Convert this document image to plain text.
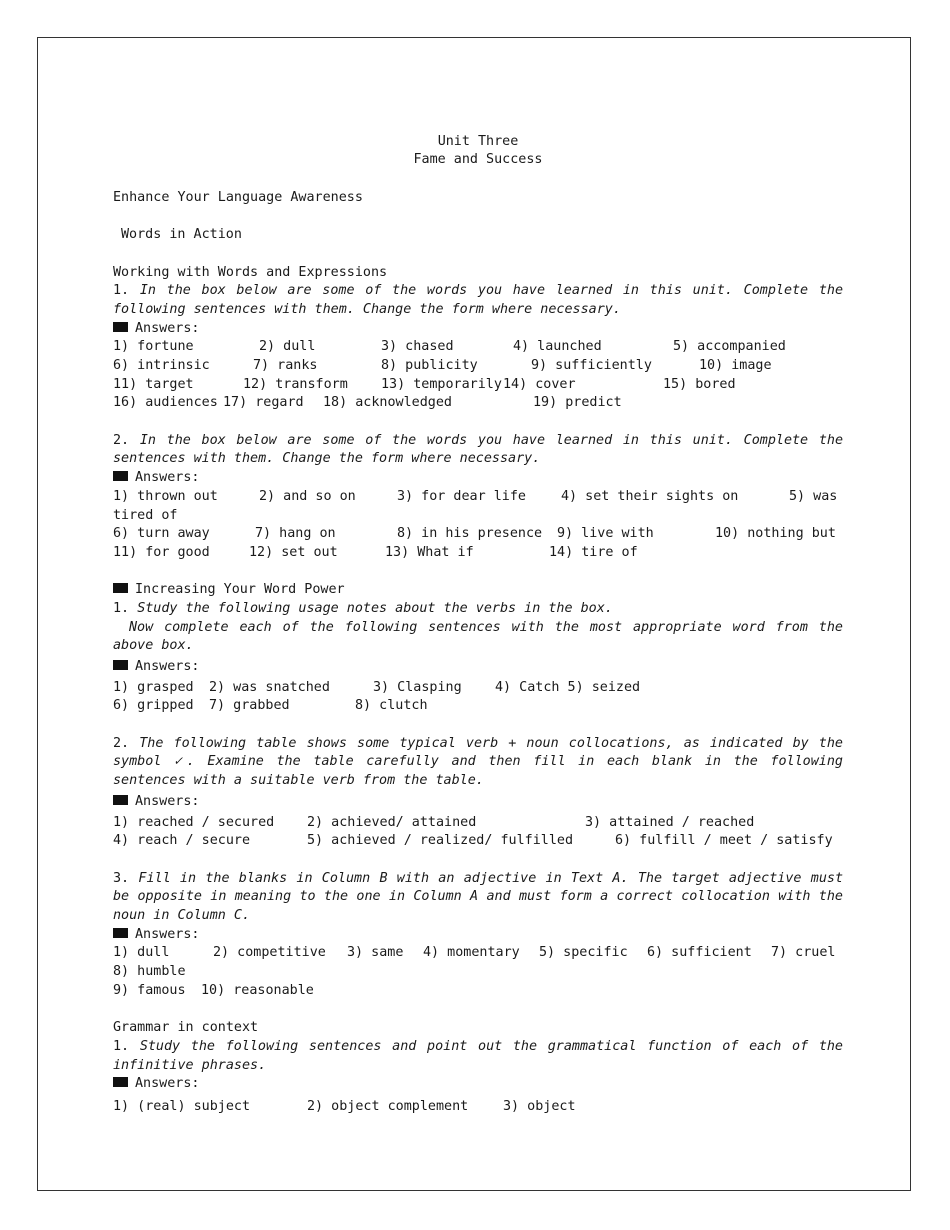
Unit Three
Fame and Success
Enhance Your Language Awareness
Words in Action
Working with Words and Expressions
1. In the box below are some of the words you have learned in this unit. Complete the following sentences with them. Change the form where necessary.
Answers:
1) fortune	2) dull	3) chased	4) launched	5) accompanied
6) intrinsic	7) ranks	8) publicity	9) sufficiently	10) image
11) target	12) transform	13) temporarily 14) cover	15) bored
16) audiences 17) regard	18) acknowledged	19) predict
2. In the box below are some of the words you have learned in this unit. Complete the sentences with them. Change the form where necessary.
Answers:
1) thrown out	2) and so on	3) for dear life	4) set their sights on	5) was
tired of
6) turn away	7) hang on	8) in his presence	9) live with	10) nothing but
11) for good	12) set out	13) What if	14) tire of
Increasing Your Word Power
1. Study the following usage notes about the verbs in the box.
Now complete each of the following sentences with the most appropriate word from the above box.
Answers:
1) grasped	2) was snatched	3) Clasping	4) Catch 5) seized
6) gripped	7) grabbed	8) clutch
2. The following table shows some typical verb + noun collocations, as indicated by the symbol ✓. Examine the table carefully and then fill in each blank in the following sentences with a suitable verb from the table.
Answers:
1) reached / secured	2) achieved/ attained	3) attained / reached
4) reach / secure	5) achieved / realized/ fulfilled	6) fulfill / meet / satisfy
3. Fill in the blanks in Column B with an adjective in Text A. The target adjective must be opposite in meaning to the one in Column A and must form a correct collocation with the noun in Column C.
Answers:
1) dull	2) competitive	3) same	4) momentary	5) specific	6) sufficient	7) cruel
8) humble
9) famous	10) reasonable
Grammar in context
1. Study the following sentences and point out the grammatical function of each of the infinitive phrases.
Answers:
1) (real) subject	2) object complement	3) object
